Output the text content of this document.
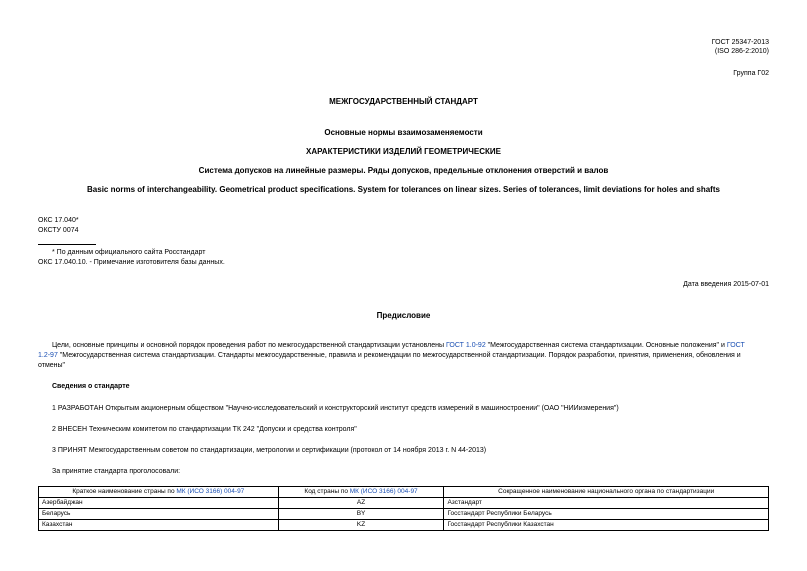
ГОСТ 25347-2013
(ISO 286-2:2010)
Группа Г02
МЕЖГОСУДАРСТВЕННЫЙ СТАНДАРТ
Основные нормы взаимозаменяемости
ХАРАКТЕРИСТИКИ ИЗДЕЛИЙ ГЕОМЕТРИЧЕСКИЕ
Система допусков на линейные размеры. Ряды допусков, предельные отклонения отверстий и валов
Basic norms of interchangeability. Geometrical product specifications. System for tolerances on linear sizes. Series of tolerances, limit deviations for holes and shafts
ОКС 17.040*
ОКСТУ 0074
* По данным официального сайта Росстандарт
ОКС 17.040.10. - Примечание изготовителя базы данных.
Дата введения 2015-07-01
Предисловие
Цели, основные принципы и основной порядок проведения работ по межгосударственной стандартизации установлены ГОСТ 1.0-92 "Межгосударственная система стандартизации. Основные положения" и ГОСТ
1.2-97 "Межгосударственная система стандартизации. Стандарты межгосударственные, правила и рекомендации по межгосударственной стандартизации. Порядок разработки, принятия, применения, обновления и
отмены"
Сведения о стандарте
1 РАЗРАБОТАН Открытым акционерным обществом "Научно-исследовательский и конструкторский институт средств измерений в машиностроении" (ОАО "НИИизмерения")
2 ВНЕСЕН Техническим комитетом по стандартизации ТК 242 "Допуски и средства контроля"
3 ПРИНЯТ Межгосударственным советом по стандартизации, метрологии и сертификации (протокол от 14 ноября 2013 г. N 44-2013)
За принятие стандарта проголосовали:
Краткое наименование страны по МК (ИСО 3166) 004-97	Код страны по МК (ИСО 3166) 004-97	Сокращенное наименование национального органа по стандартизации
Азербайджан	AZ	Азстандарт
Беларусь	BY	Госстандарт Республики Беларусь
Казахстан	KZ	Госстандарт Республики Казахстан
